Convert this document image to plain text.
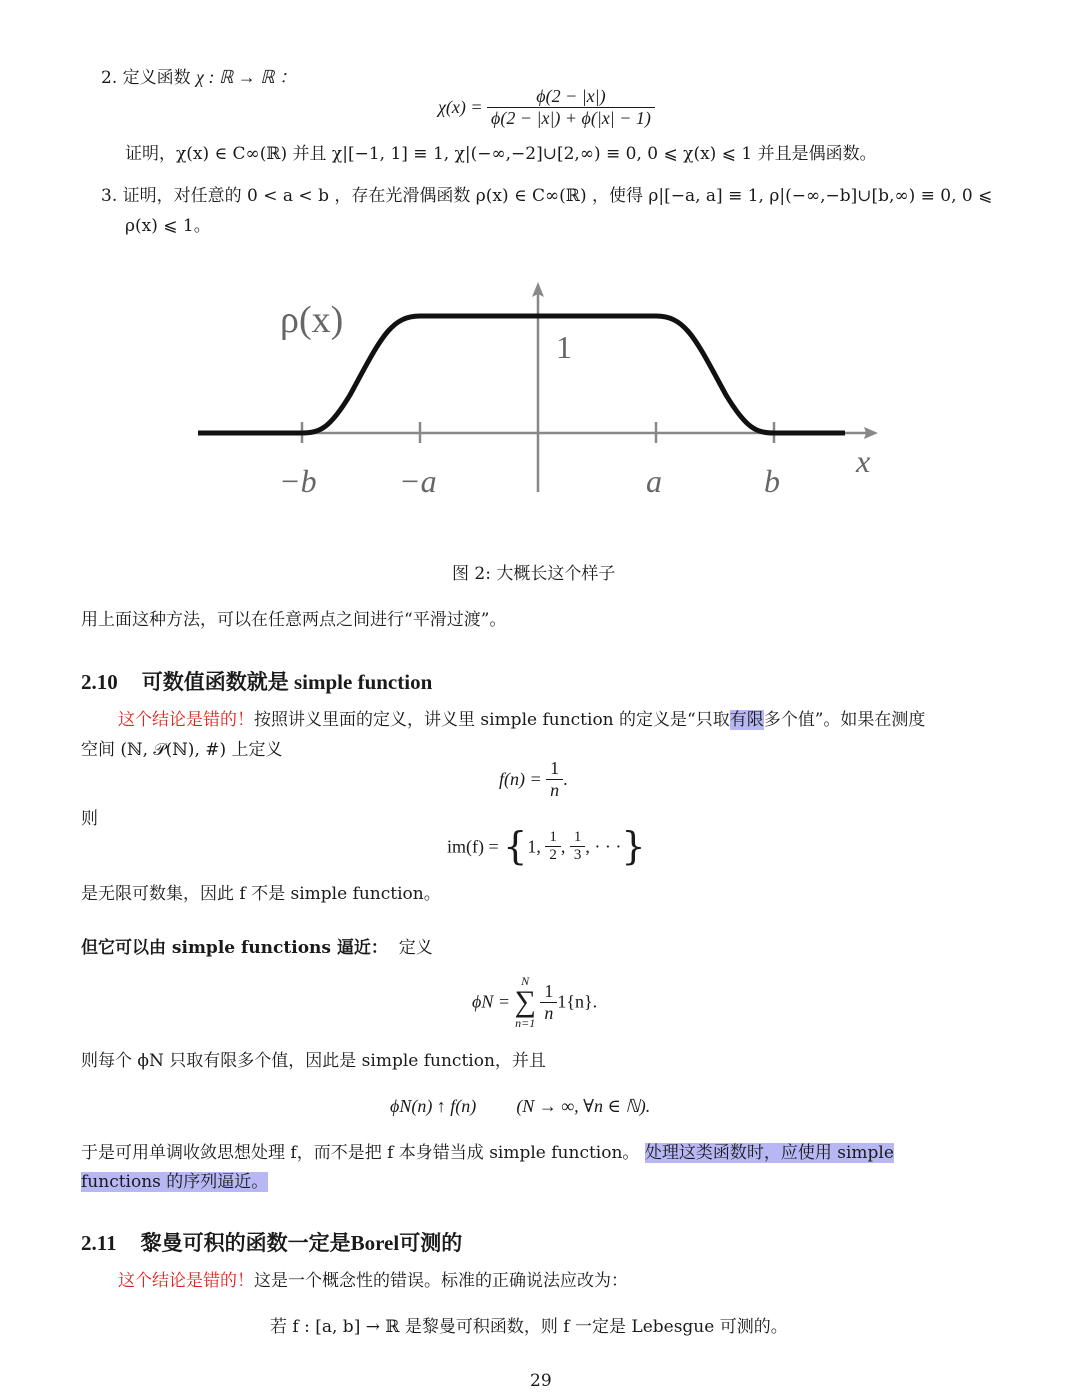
2. 定义函数 χ : ℝ → ℝ ：
$\chi(x) = \frac{\phi(2 - |x|)}{\phi(2 - |x|) + \phi(|x| - 1)}$
证明，χ(x) ∈ C∞(ℝ) 并且 χ|[−1, 1] ≡ 1, χ|(−∞,−2]∪[2,∞) ≡ 0, 0 ⩽ χ(x) ⩽ 1 并且是偶函数。
3. 证明，对任意的 0 < a < b ，存在光滑偶函数 ρ(x) ∈ C∞(ℝ) ，使得 ρ|[−a, a] ≡ 1, ρ|(−∞,−b]∪[b,∞) ≡ 0, 0 ⩽
ρ(x) ⩽ 1。
ρ(x)
1
x
−b	−a	a	b
图 2: 大概长这个样子
用上面这种方法，可以在任意两点之间进行“平滑过渡”。
2.10 可数值函数就是 simple function
这个结论是错的！按照讲义里面的定义，讲义里 simple function 的定义是“只取有限多个值”。如果在测度
空间 (ℕ, 𝒫(ℕ), #) 上定义
$f(n) = \frac{1}{n}$ .
则
im(f) = {1, $\frac{1}{2}$ , $\frac{1}{3}$ , · · ·}
是无限可数集，因此 f 不是 simple function。
但它可以由 simple functions 逼近： 定义
ϕN =
N
∑
n=1
$\frac{1}{n} 1\{n\}$.
则每个 ϕN 只取有限多个值，因此是 simple function，并且
ϕN(n) ↑ f(n) (N → ∞, ∀n ∈ ℕ).
于是可用单调收敛思想处理 f，而不是把 f 本身错当成 simple function。 处理这类函数时，应使用 simple
functions 的序列逼近。
2.11 黎曼可积的函数一定是Borel可测的
这个结论是错的！这是一个概念性的错误。标准的正确说法应改为：
若 f : [a, b] → ℝ 是黎曼可积函数，则 f 一定是 Lebesgue 可测的。
29
